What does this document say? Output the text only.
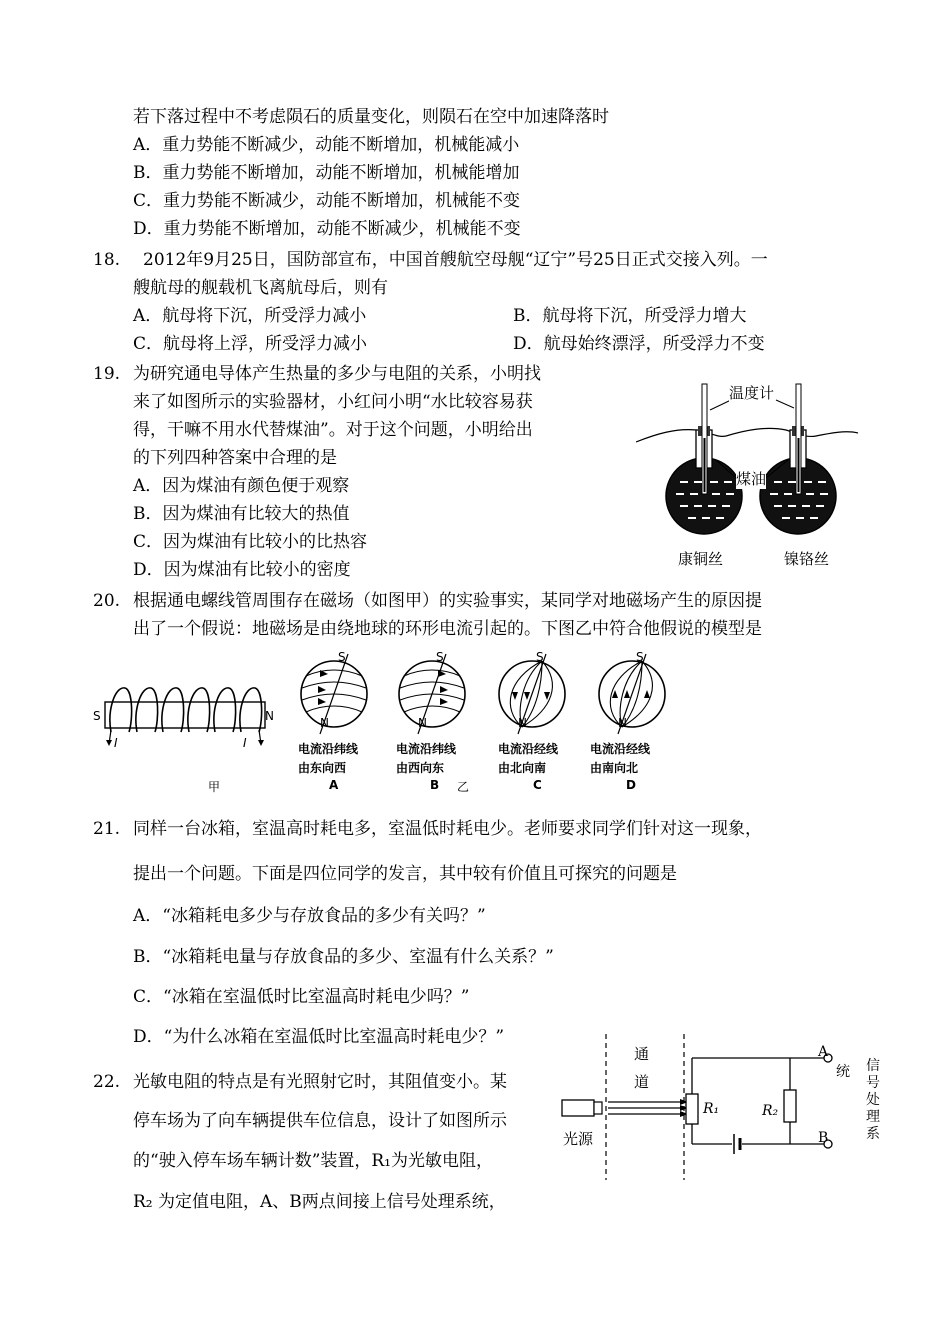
若下落过程中不考虑陨石的质量变化，则陨石在空中加速降落时
A．重力势能不断减少，动能不断增加，机械能减小
B．重力势能不断增加，动能不断增加，机械能增加
C．重力势能不断减少，动能不断增加，机械能不变
D．重力势能不断增加，动能不断减少，机械能不变
18. 2012年9月25日，国防部宣布，中国首艘航空母舰“辽宁”号25日正式交接入列。一
艘航母的舰载机飞离航母后，则有
A．航母将下沉，所受浮力减小	B．航母将下沉，所受浮力增大
C．航母将上浮，所受浮力减小	D．航母始终漂浮，所受浮力不变
19. 为研究通电导体产生热量的多少与电阻的关系，小明找
来了如图所示的实验器材，小红问小明“水比较容易获
得，干嘛不用水代替煤油”。对于这个问题，小明给出
的下列四种答案中合理的是
A．因为煤油有颜色便于观察
B．因为煤油有比较大的热值
C．因为煤油有比较小的比热容
D．因为煤油有比较小的密度
温度计
煤油
康铜丝	镍铬丝
20. 根据通电螺线管周围存在磁场（如图甲）的实验事实，某同学对地磁场产生的原因提
出了一个假说：地磁场是由绕地球的环形电流引起的。下图乙中符合他假说的模型是
S	N
I	I
甲
S
N
S
N
S
N
S
N
电流沿纬线
由东向西
A
电流沿纬线
由西向东
B 乙
电流沿经线
由北向南
C
电流沿经线
由南向北
D
21. 同样一台冰箱，室温高时耗电多，室温低时耗电少。老师要求同学们针对这一现象，
提出一个问题。下面是四位同学的发言，其中较有价值且可探究的问题是
A．“冰箱耗电多少与存放食品的多少有关吗？”
B．“冰箱耗电量与存放食品的多少、室温有什么关系？”
C．“冰箱在室温低时比室温高时耗电少吗？”
D．“为什么冰箱在室温低时比室温高时耗电少？”
22. 光敏电阻的特点是有光照射它时，其阻值变小。某
停车场为了向车辆提供车位信息，设计了如图所示
的“驶入停车场车辆计数”装置，R₁为光敏电阻，
R₂ 为定值电阻，A、B两点间接上信号处理系统，
通
道
光源
R₁	R₂
A
B
统 信号处理系
